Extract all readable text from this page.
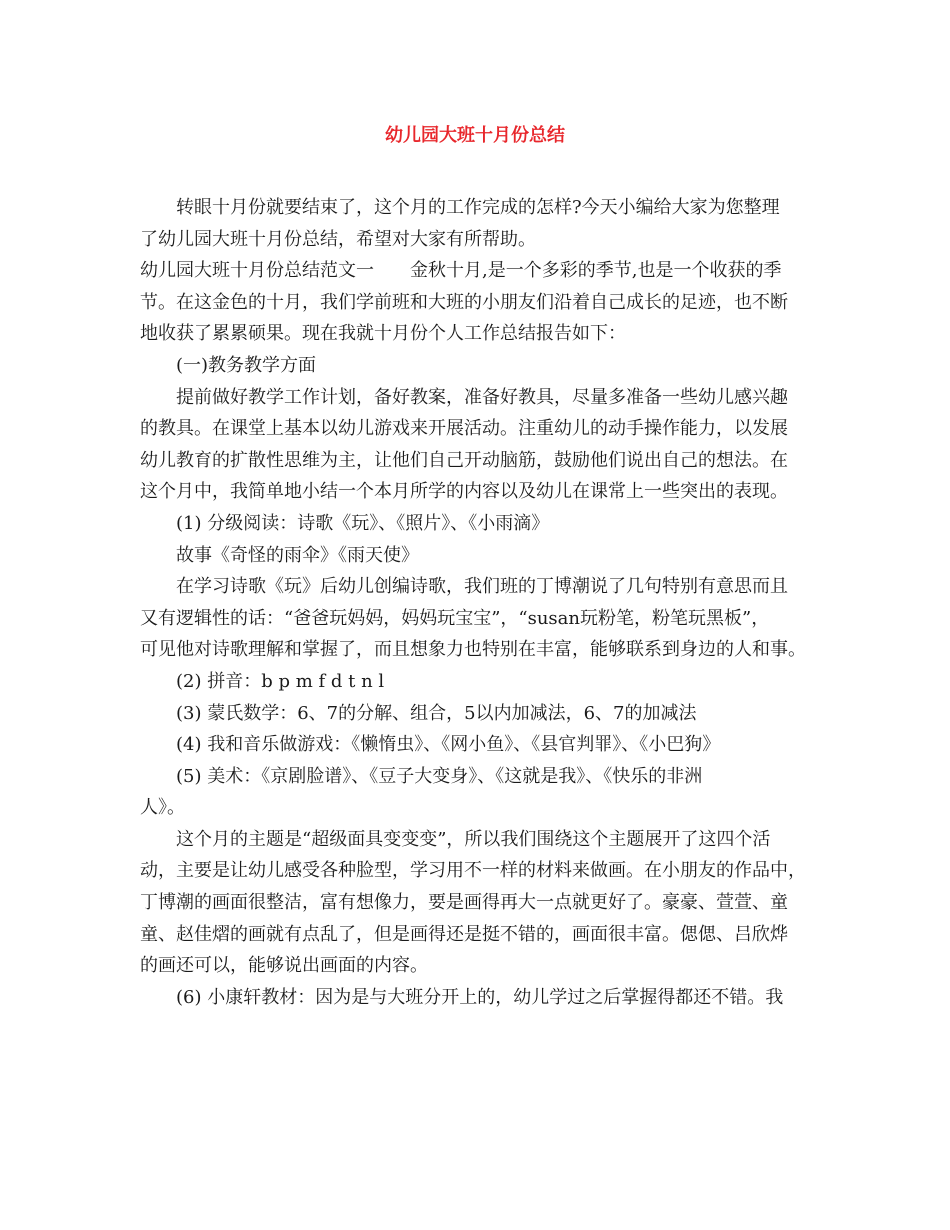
幼儿园大班十月份总结

转眼十月份就要结束了，这个月的工作完成的怎样?今天小编给大家为您整理

了幼儿园大班十月份总结，希望对大家有所帮助。

幼儿园大班十月份总结范文一　　金秋十月,是一个多彩的季节,也是一个收获的季

节。在这金色的十月，我们学前班和大班的小朋友们沿着自己成长的足迹，也不断

地收获了累累硕果。现在我就十月份个人工作总结报告如下：

(一)教务教学方面

提前做好教学工作计划，备好教案，准备好教具，尽量多准备一些幼儿感兴趣

的教具。在课堂上基本以幼儿游戏来开展活动。注重幼儿的动手操作能力，以发展

幼儿教育的扩散性思维为主，让他们自己开动脑筋，鼓励他们说出自己的想法。在

这个月中，我简单地小结一个本月所学的内容以及幼儿在课常上一些突出的表现。

(1) 分级阅读：诗歌《玩》、《照片》、《小雨滴》

故事《奇怪的雨伞》《雨天使》

在学习诗歌《玩》后幼儿创编诗歌，我们班的丁博潮说了几句特别有意思而且

又有逻辑性的话：“爸爸玩妈妈，妈妈玩宝宝”，“susan玩粉笔，粉笔玩黑板”，

可见他对诗歌理解和掌握了，而且想象力也特别在丰富，能够联系到身边的人和事。

(2) 拼音：b p m f d t n l

(3) 蒙氏数学：6、7的分解、组合，5以内加减法，6、7的加减法

(4) 我和音乐做游戏：《懒惰虫》、《网小鱼》、《县官判罪》、《小巴狗》

(5) 美术：《京剧脸谱》、《豆子大变身》、《这就是我》、《快乐的非洲

人》。

这个月的主题是“超级面具变变变”，所以我们围绕这个主题展开了这四个活

动，主要是让幼儿感受各种脸型，学习用不一样的材料来做画。在小朋友的作品中，

丁博潮的画面很整洁，富有想像力，要是画得再大一点就更好了。豪豪、萱萱、童

童、赵佳熠的画就有点乱了，但是画得还是挺不错的，画面很丰富。偲偲、吕欣烨

的画还可以，能够说出画面的内容。

(6) 小康轩教材：因为是与大班分开上的，幼儿学过之后掌握得都还不错。我
